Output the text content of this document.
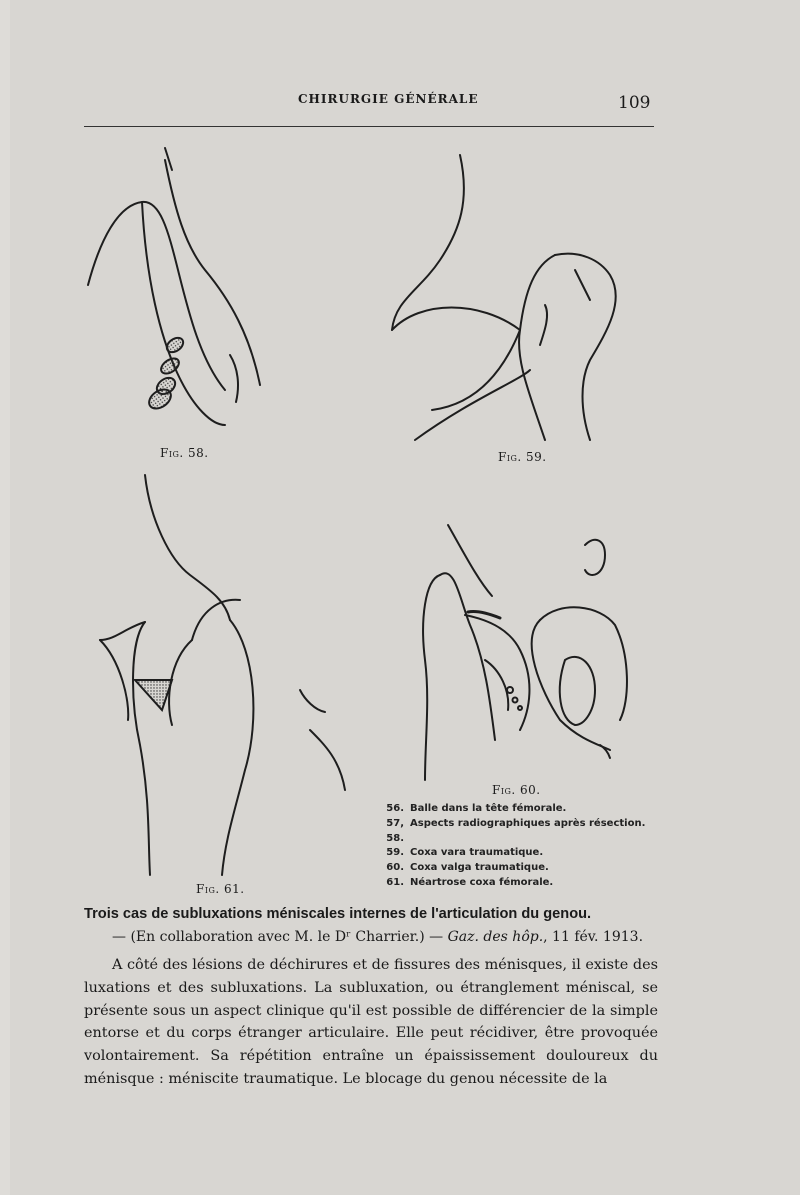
CHIRURGIE GÉNÉRALE	109
Fig. 58.	Fig. 59.
Fig. 60.
Fig. 61.
56. Balle dans la tête fémorale.
57, 58.
Aspects radiographiques après résection.
59. Coxa vara traumatique.
60. Coxa valga traumatique.
61. Néartrose coxa fémorale.
Trois cas de subluxations méniscales internes de l'articulation du genou.
— (En collaboration avec M. le Dʳ Charrier.) — Gaz. des hôp., 11 fév. 1913.
A côté des lésions de déchirures et de fissures des ménisques, il existe des luxations et des subluxations. La subluxation, ou étranglement méniscal, se présente sous un aspect clinique qu'il est possible de différencier de la simple entorse et du corps étranger articulaire. Elle peut récidiver, être provoquée volontairement. Sa répétition entraîne un épaississement douloureux du ménisque : méniscite traumatique. Le blocage du genou nécessite de la
